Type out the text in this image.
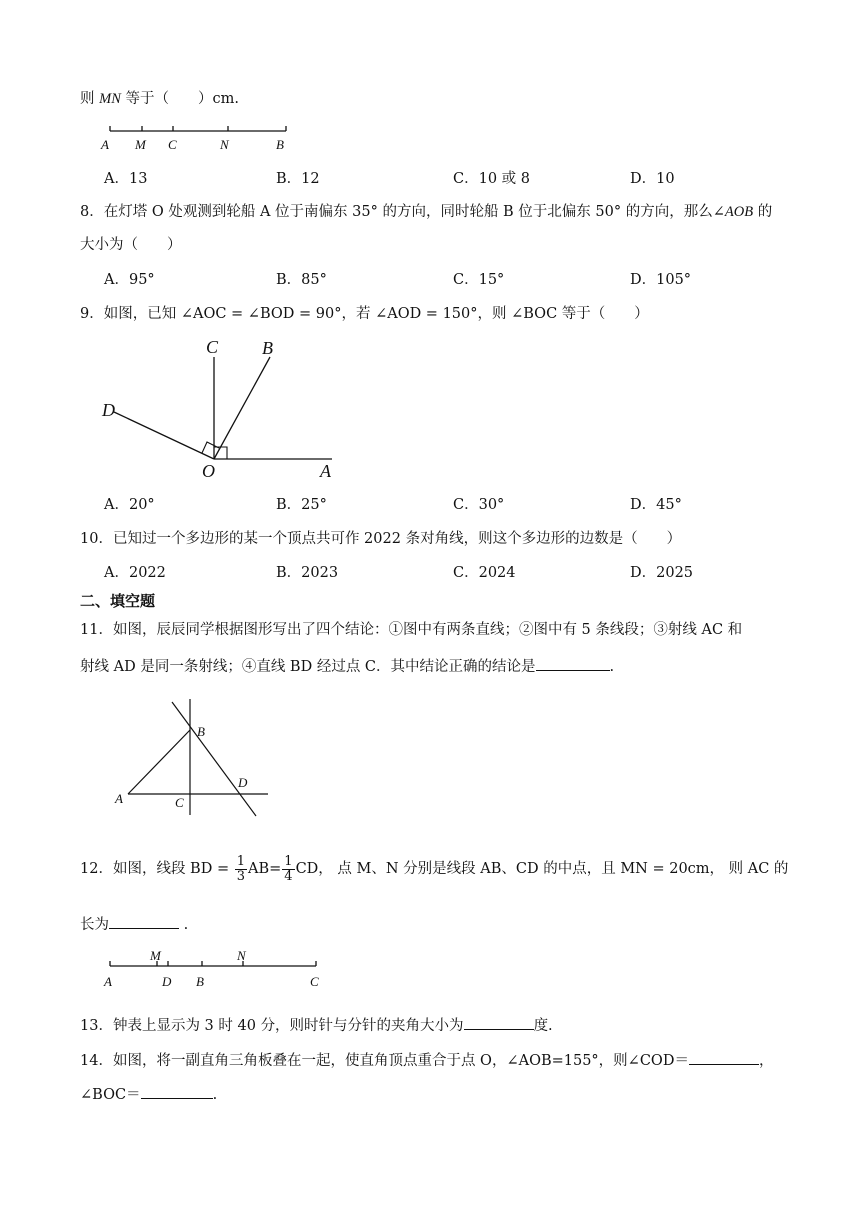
则 MN 等于（　　）cm.
A M C	N	B
A．13	B．12	C．10 或 8	D．10
8．在灯塔 O 处观测到轮船 A 位于南偏东 35° 的方向，同时轮船 B 位于北偏东 50° 的方向，那么∠AOB 的
大小为（　　）
A．95°	B．85°	C．15°	D．105°
9．如图，已知 ∠AOC = ∠BOD = 90°，若 ∠AOD = 150°，则 ∠BOC 等于（　　）
C B
D
O	A
A．20°	B．25°	C．30°	D．45°
10．已知过一个多边形的某一个顶点共可作 2022 条对角线，则这个多边形的边数是（　　）
A．2022	B．2023	C．2024	D．2025
二、填空题
11．如图，辰辰同学根据图形写出了四个结论：①图中有两条直线；②图中有 5 条线段；③射线 AC 和
射线 AD 是同一条射线；④直线 BD 经过点 C．其中结论正确的结论是	.
B
D
A	C
12．如图，线段 BD = $\frac{1}{3} AB= \frac{1}{4}$ CD， 点 M、N 分别是线段 AB、CD 的中点，且 MN = 20cm， 则 AC 的
长为	.
M	N
A	D B	C
13．钟表上显示为 3 时 40 分，则时针与分针的夹角大小为	度.
14．如图，将一副直角三角板叠在一起，使直角顶点重合于点 O，∠AOB=155°，则∠COD＝	，
∠BOC＝	.
